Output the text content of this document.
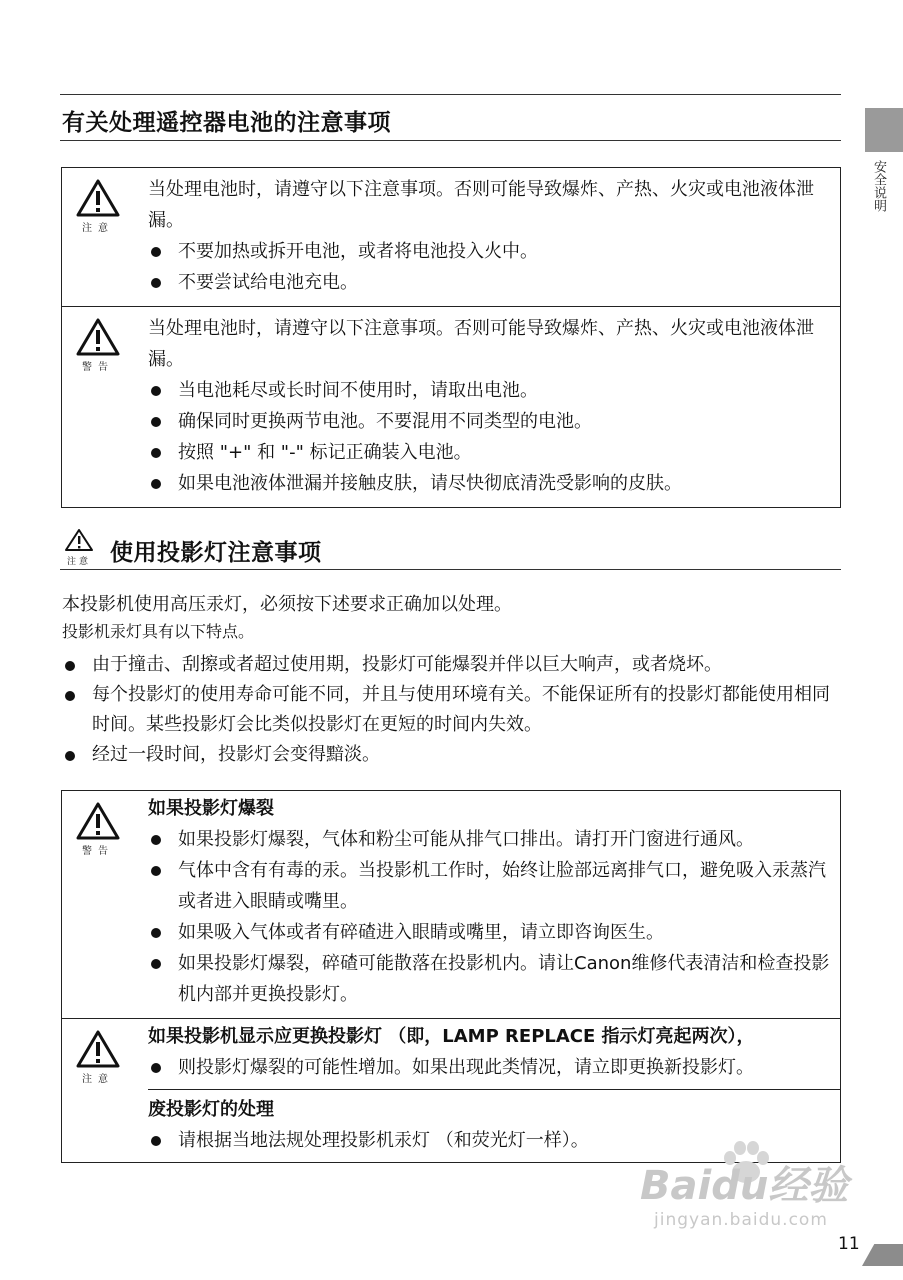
有关处理遥控器电池的注意事项
安全说明
注意

当处理电池时，请遵守以下注意事项。否则可能导致爆炸、产热、火灾或电池液体泄漏。

不要加热或拆开电池，或者将电池投入火中。

不要尝试给电池充电。

警告

当处理电池时，请遵守以下注意事项。否则可能导致爆炸、产热、火灾或电池液体泄漏。

当电池耗尽或长时间不使用时，请取出电池。

确保同时更换两节电池。不要混用不同类型的电池。

按照 "+" 和 "-" 标记正确装入电池。

如果电池液体泄漏并接触皮肤，请尽快彻底清洗受影响的皮肤。

注意 使用投影灯注意事项
本投影机使用高压汞灯，必须按下述要求正确加以处理。
投影机汞灯具有以下特点。

由于撞击、刮擦或者超过使用期，投影灯可能爆裂并伴以巨大响声，或者烧坏。

每个投影灯的使用寿命可能不同，并且与使用环境有关。不能保证所有的投影灯都能使用相同时间。某些投影灯会比类似投影灯在更短的时间内失效。

经过一段时间，投影灯会变得黯淡。

警告

如果投影灯爆裂

如果投影灯爆裂，气体和粉尘可能从排气口排出。请打开门窗进行通风。

气体中含有有毒的汞。当投影机工作时，始终让脸部远离排气口，避免吸入汞蒸汽或者进入眼睛或嘴里。

如果吸入气体或者有碎碴进入眼睛或嘴里，请立即咨询医生。

如果投影灯爆裂，碎碴可能散落在投影机内。请让Canon维修代表清洁和检查投影机内部并更换投影灯。

注意

如果投影机显示应更换投影灯 （即，LAMP REPLACE 指示灯亮起两次），

则投影灯爆裂的可能性增加。如果出现此类情况，请立即更换新投影灯。

废投影灯的处理

请根据当地法规处理投影机汞灯 （和荧光灯一样）。

Baidu经验
jingyan.baidu.com
11
